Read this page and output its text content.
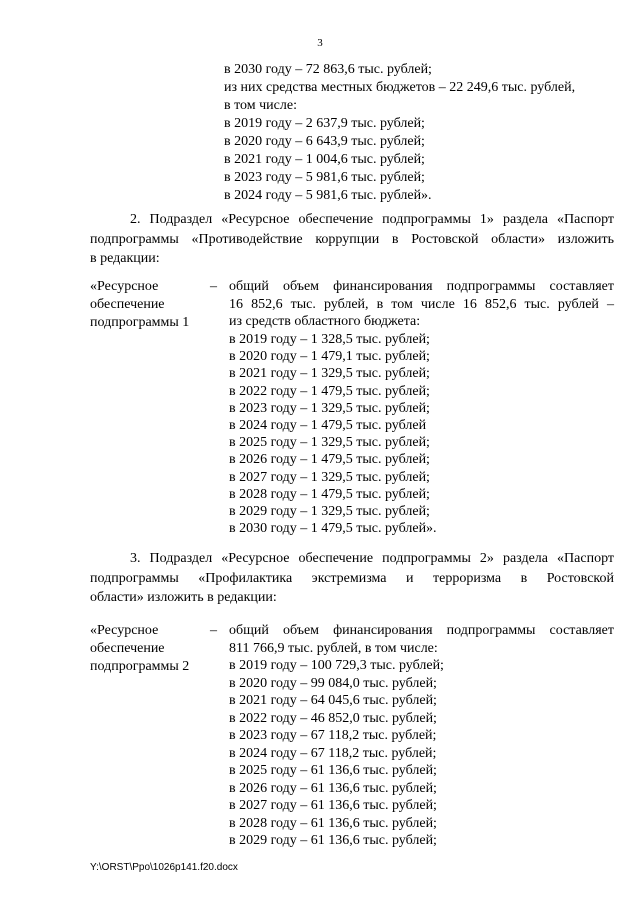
3
в 2030 году – 72 863,6 тыс. рублей;
из них средства местных бюджетов – 22 249,6 тыс. рублей,
в том числе:
в 2019 году – 2 637,9 тыс. рублей;
в 2020 году – 6 643,9 тыс. рублей;
в 2021 году – 1 004,6 тыс. рублей;
в 2023 году – 5 981,6 тыс. рублей;
в 2024 году – 5 981,6 тыс. рублей».
2. Подраздел «Ресурсное обеспечение подпрограммы 1» раздела «Паспорт
подпрограммы «Противодействие коррупции в Ростовской области» изложить
в редакции:
«Ресурсное
обеспечение
подпрограммы 1
– общий объем финансирования подпрограммы составляет
16 852,6 тыс. рублей, в том числе 16 852,6 тыс. рублей –
из средств областного бюджета:
в 2019 году – 1 328,5 тыс. рублей;
в 2020 году – 1 479,1 тыс. рублей;
в 2021 году – 1 329,5 тыс. рублей;
в 2022 году – 1 479,5 тыс. рублей;
в 2023 году – 1 329,5 тыс. рублей;
в 2024 году – 1 479,5 тыс. рублей
в 2025 году – 1 329,5 тыс. рублей;
в 2026 году – 1 479,5 тыс. рублей;
в 2027 году – 1 329,5 тыс. рублей;
в 2028 году – 1 479,5 тыс. рублей;
в 2029 году – 1 329,5 тыс. рублей;
в 2030 году – 1 479,5 тыс. рублей».
3. Подраздел «Ресурсное обеспечение подпрограммы 2» раздела «Паспорт
подпрограммы «Профилактика экстремизма и терроризма в Ростовской
области» изложить в редакции:
«Ресурсное
обеспечение
подпрограммы 2
– общий объем финансирования подпрограммы составляет
811 766,9 тыс. рублей, в том числе:
в 2019 году – 100 729,3 тыс. рублей;
в 2020 году – 99 084,0 тыс. рублей;
в 2021 году – 64 045,6 тыс. рублей;
в 2022 году – 46 852,0 тыс. рублей;
в 2023 году – 67 118,2 тыс. рублей;
в 2024 году – 67 118,2 тыс. рублей;
в 2025 году – 61 136,6 тыс. рублей;
в 2026 году – 61 136,6 тыс. рублей;
в 2027 году – 61 136,6 тыс. рублей;
в 2028 году – 61 136,6 тыс. рублей;
в 2029 году – 61 136,6 тыс. рублей;
Y:\ORST\Ppo\1026p141.f20.docx
